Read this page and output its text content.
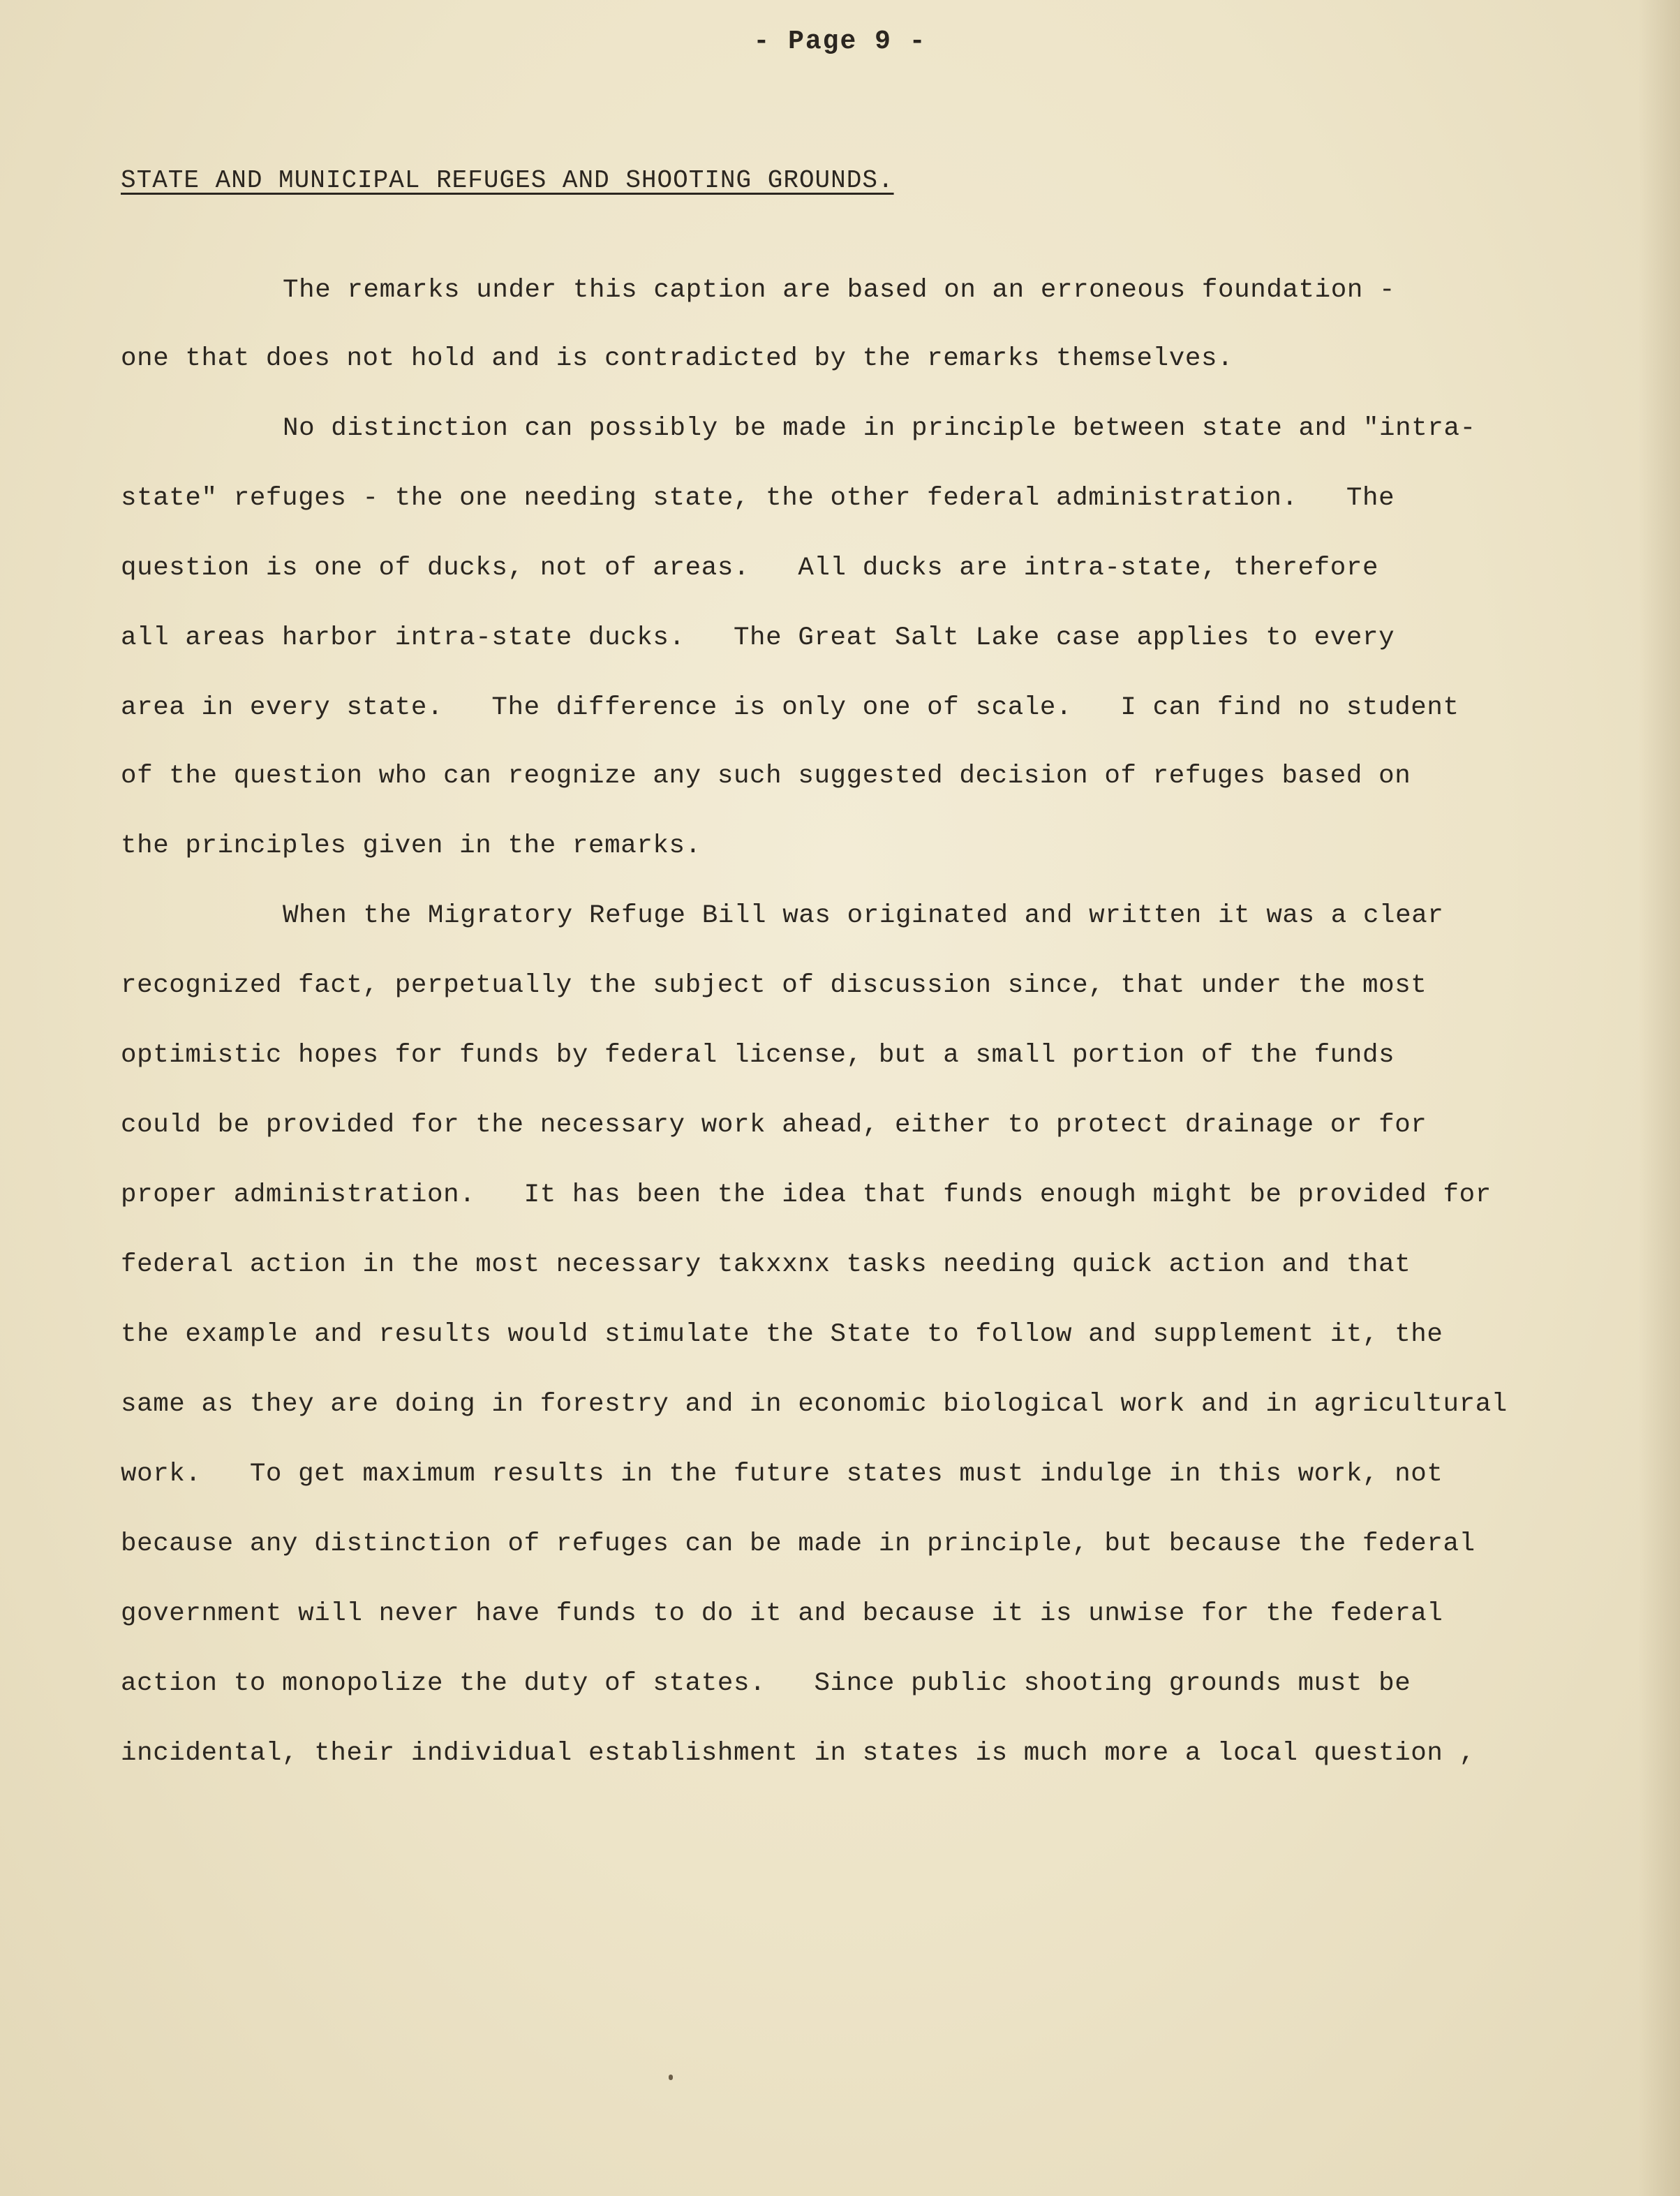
- Page 9 -
STATE AND MUNICIPAL REFUGES AND SHOOTING GROUNDS.
The remarks under this caption are based on an erroneous foundation -
one that does not hold and is contradicted by the remarks themselves.
No distinction can possibly be made in principle between state and "intra-
state" refuges - the one needing state, the other federal administration.   The
question is one of ducks, not of areas.   All ducks are intra-state, therefore
all areas harbor intra-state ducks.   The Great Salt Lake case applies to every
area in every state.   The difference is only one of scale.   I can find no student
of the question who can reognize any such suggested decision of refuges based on
the principles given in the remarks.
When the Migratory Refuge Bill was originated and written it was a clear
recognized fact, perpetually the subject of discussion since, that under the most
optimistic hopes for funds by federal license, but a small portion of the funds
could be provided for the necessary work ahead, either to protect drainage or for
proper administration.   It has been the idea that funds enough might be provided for
federal action in the most necessary takxxnx tasks needing quick action and that
the example and results would stimulate the State to follow and supplement it, the
same as they are doing in forestry and in economic biological work and in agricultural
work.   To get maximum results in the future states must indulge in this work, not
because any distinction of refuges can be made in principle, but because the federal
government will never have funds to do it and because it is unwise for the federal
action to monopolize the duty of states.   Since public shooting grounds must be
incidental, their individual establishment in states is much more a local question ,
